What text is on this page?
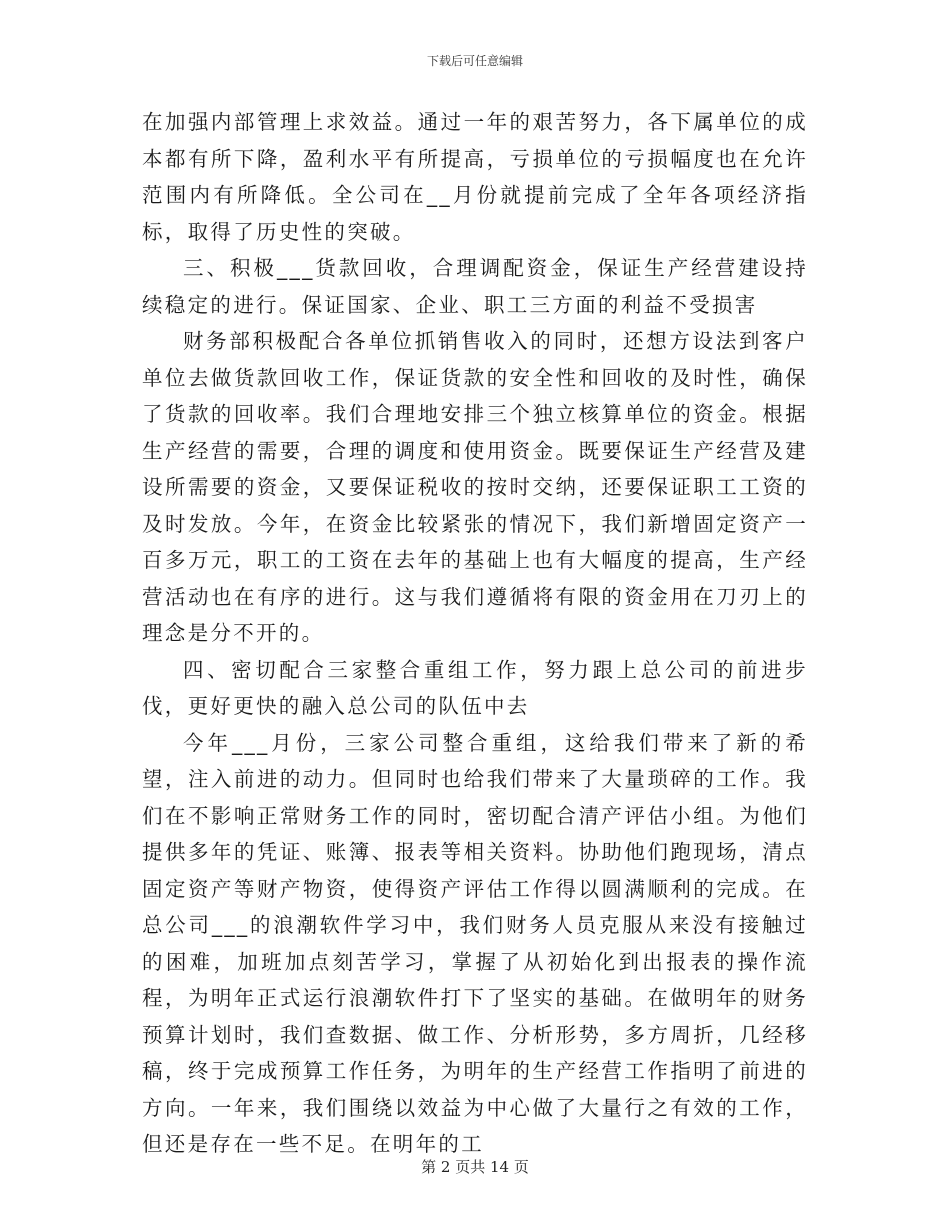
下载后可任意编辑

在加强内部管理上求效益。通过一年的艰苦努力，各下属单位的成本都有所下降，盈利水平有所提高，亏损单位的亏损幅度也在允许范围内有所降低。全公司在__月份就提前完成了全年各项经济指标，取得了历史性的突破。

三、积极___货款回收，合理调配资金，保证生产经营建设持续稳定的进行。保证国家、企业、职工三方面的利益不受损害

财务部积极配合各单位抓销售收入的同时，还想方设法到客户单位去做货款回收工作，保证货款的安全性和回收的及时性，确保了货款的回收率。我们合理地安排三个独立核算单位的资金。根据生产经营的需要，合理的调度和使用资金。既要保证生产经营及建设所需要的资金，又要保证税收的按时交纳，还要保证职工工资的及时发放。今年，在资金比较紧张的情况下，我们新增固定资产一百多万元，职工的工资在去年的基础上也有大幅度的提高，生产经营活动也在有序的进行。这与我们遵循将有限的资金用在刀刃上的理念是分不开的。

四、密切配合三家整合重组工作，努力跟上总公司的前进步伐，更好更快的融入总公司的队伍中去

今年___月份，三家公司整合重组，这给我们带来了新的希望，注入前进的动力。但同时也给我们带来了大量琐碎的工作。我们在不影响正常财务工作的同时，密切配合清产评估小组。为他们提供多年的凭证、账簿、报表等相关资料。协助他们跑现场，清点固定资产等财产物资，使得资产评估工作得以圆满顺利的完成。在总公司___的浪潮软件学习中，我们财务人员克服从来没有接触过的困难，加班加点刻苦学习，掌握了从初始化到出报表的操作流程，为明年正式运行浪潮软件打下了坚实的基础。在做明年的财务预算计划时，我们查数据、做工作、分析形势，多方周折，几经移稿，终于完成预算工作任务，为明年的生产经营工作指明了前进的方向。一年来，我们围绕以效益为中心做了大量行之有效的工作，但还是存在一些不足。在明年的工

第 2 页共 14 页
